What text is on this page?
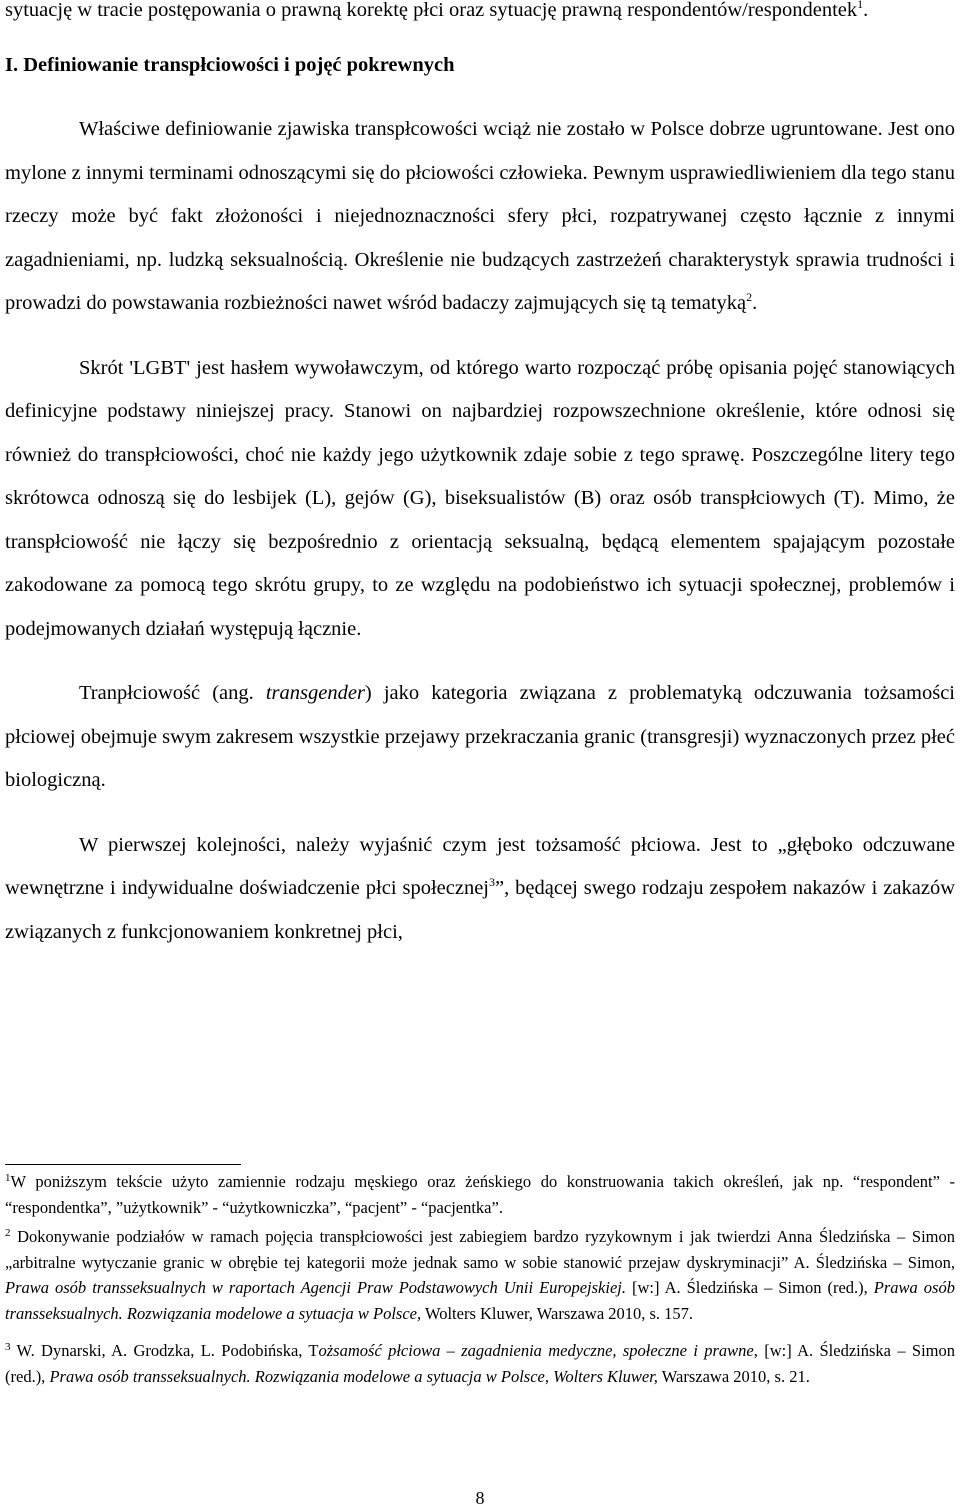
sytuację w tracie postępowania o prawną korektę płci oraz sytuację prawną respondentów/respondentek$^1$.

I. Definiowanie transpłciowości i pojęć pokrewnych

Właściwe definiowanie zjawiska transpłcowości wciąż nie zostało w Polsce dobrze ugruntowane. Jest ono mylone z innymi terminami odnoszącymi się do płciowości człowieka. Pewnym usprawiedliwieniem dla tego stanu rzeczy może być fakt złożoności i niejednoznaczności sfery płci, rozpatrywanej często łącznie z innymi zagadnieniami, np. ludzką seksualnością. Określenie nie budzących zastrzeżeń charakterystyk sprawia trudności i prowadzi do powstawania rozbieżności nawet wśród badaczy zajmujących się tą tematyką$^2$.

Skrót 'LGBT' jest hasłem wywoławczym, od którego warto rozpocząć próbę opisania pojęć stanowiących definicyjne podstawy niniejszej pracy. Stanowi on najbardziej rozpowszechnione określenie, które odnosi się również do transpłciowości, choć nie każdy jego użytkownik zdaje sobie z tego sprawę. Poszczególne litery tego skrótowca odnoszą się do lesbijek (L), gejów (G), biseksualistów (B) oraz osób transpłciowych (T). Mimo, że transpłciowość nie łączy się bezpośrednio z orientacją seksualną, będącą elementem spajającym pozostałe zakodowane za pomocą tego skrótu grupy, to ze względu na podobieństwo ich sytuacji społecznej, problemów i podejmowanych działań występują łącznie.

Tranpłciowość (ang. transgender) jako kategoria związana z problematyką odczuwania tożsamości płciowej obejmuje swym zakresem wszystkie przejawy przekraczania granic (transgresji) wyznaczonych przez płeć biologiczną.

W pierwszej kolejności, należy wyjaśnić czym jest tożsamość płciowa. Jest to „głęboko odczuwane wewnętrzne i indywidualne doświadczenie płci społecznej$^3$”, będącej swego rodzaju zespołem nakazów i zakazów związanych z funkcjonowaniem konkretnej płci,

$^1$W poniższym tekście użyto zamiennie rodzaju męskiego oraz żeńskiego do konstruowania takich określeń, jak np. “respondent” - “respondentka”, ”użytkownik” - “użytkowniczka”, “pacjent” - “pacjentka”.

$^2$ Dokonywanie podziałów w ramach pojęcia transpłciowości jest zabiegiem bardzo ryzykownym i jak twierdzi Anna Śledzińska – Simon „arbitralne wytyczanie granic w obrębie tej kategorii może jednak samo w sobie stanowić przejaw dyskryminacji” A. Śledzińska – Simon, Prawa osób transseksualnych w raportach Agencji Praw Podstawowych Unii Europejskiej. [w:] A. Śledzińska – Simon (red.), Prawa osób transseksualnych. Rozwiązania modelowe a sytuacja w Polsce, Wolters Kluwer, Warszawa 2010, s. 157.

$^3$ W. Dynarski, A. Grodzka, L. Podobińska, Tożsamość płciowa – zagadnienia medyczne, społeczne i prawne, [w:] A. Śledzińska – Simon (red.), Prawa osób transseksualnych. Rozwiązania modelowe a sytuacja w Polsce, Wolters Kluwer, Warszawa 2010, s. 21.

8
